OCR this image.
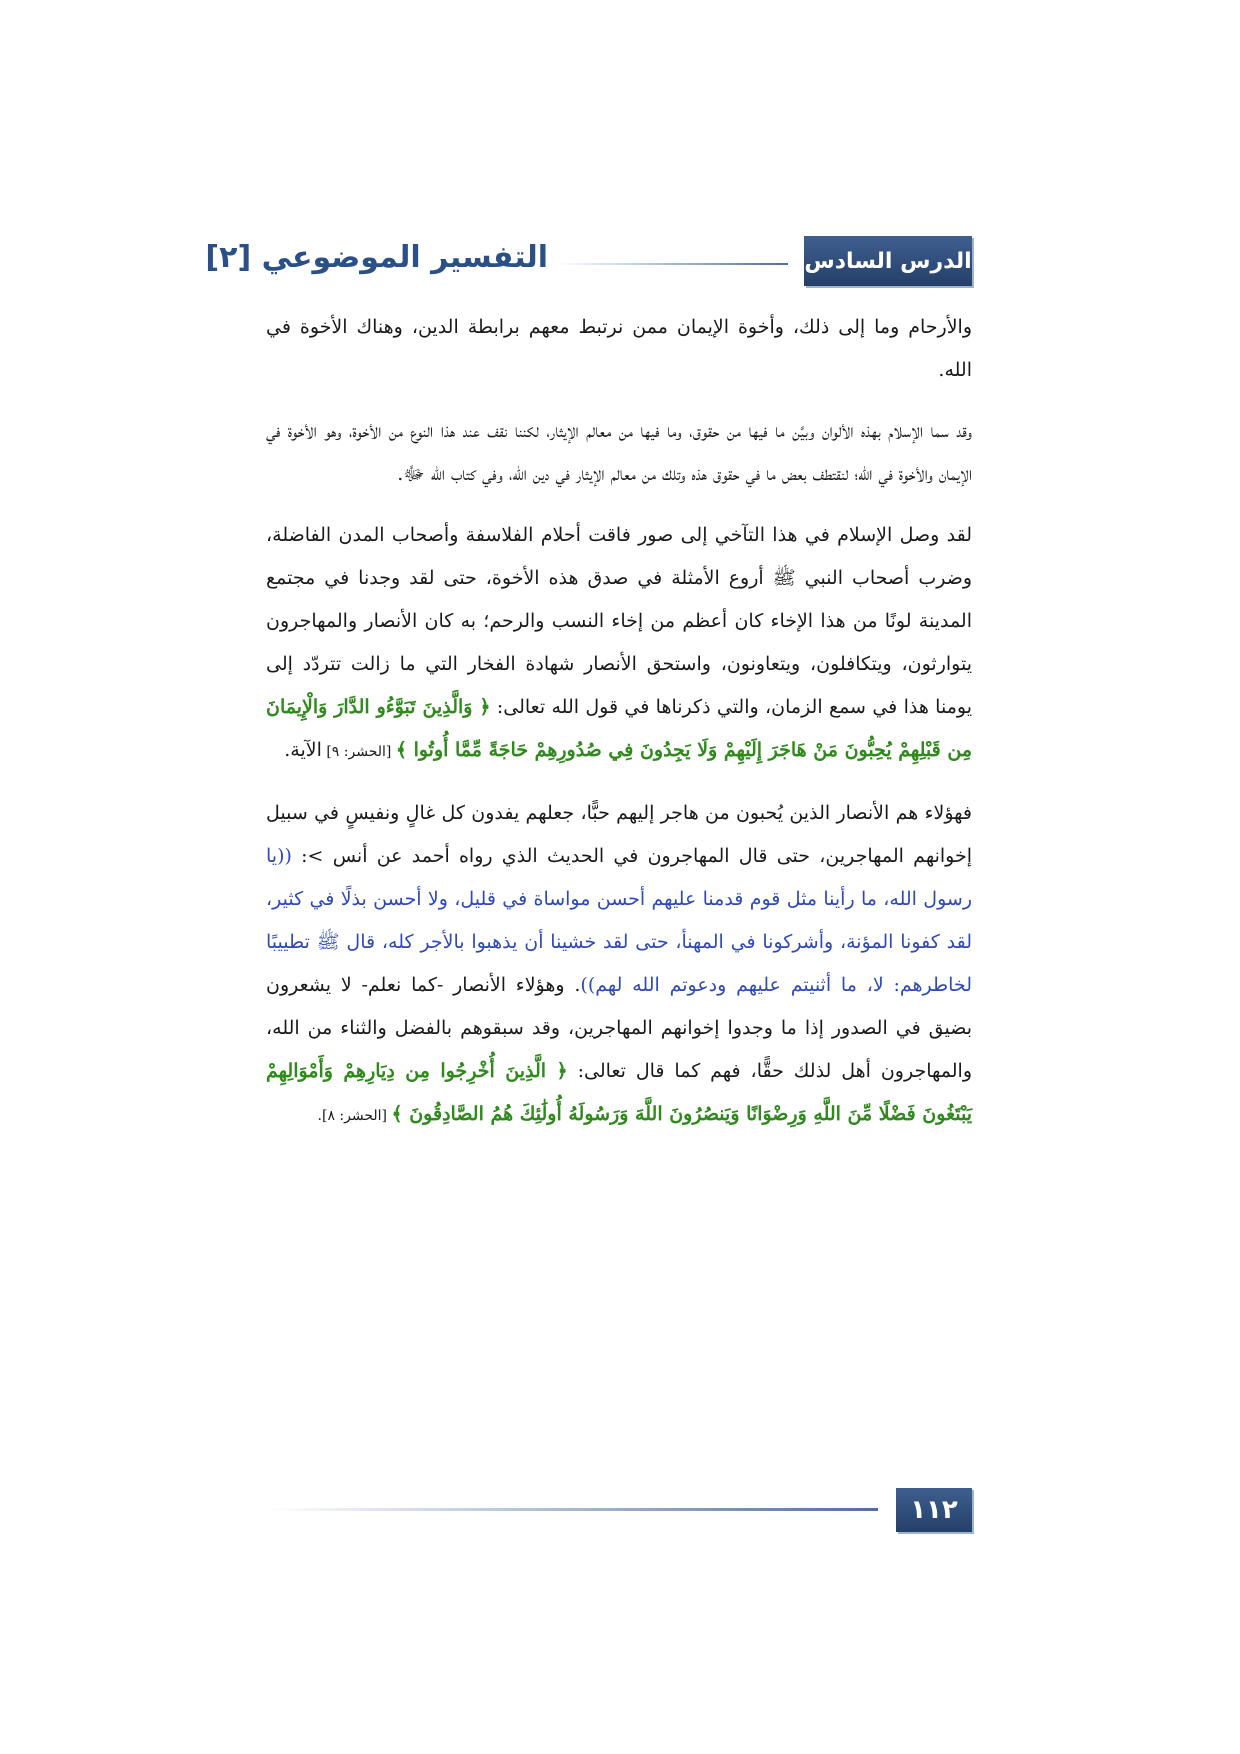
التفسير الموضوعي [٢]	الدرس السادس

والأرحام وما إلى ذلك، وأخوة الإيمان ممن نرتبط معهم برابطة الدين، وهناك الأخوة في الله.

وقد سما الإسلام بهذه الألوان وبيَّن ما فيها من حقوق، وما فيها من معالم الإيثار، لكننا نقف عند هذا النوع من الأخوة، وهو الأخوة في الإيمان والأخوة في الله؛ لنقتطف بعض ما في حقوق هذه وتلك من معالم الإيثار في دين الله، وفي كتاب الله ﷻ.

لقد وصل الإسلام في هذا التآخي إلى صور فاقت أحلام الفلاسفة وأصحاب المدن الفاضلة، وضرب أصحاب النبي ﷺ أروع الأمثلة في صدق هذه الأخوة، حتى لقد وجدنا في مجتمع المدينة لونًا من هذا الإخاء كان أعظم من إخاء النسب والرحم؛ به كان الأنصار والمهاجرون يتوارثون، ويتكافلون، ويتعاونون، واستحق الأنصار شهادة الفخار التي ما زالت تتردّد إلى يومنا هذا في سمع الزمان، والتي ذكرناها في قول الله تعالى: ﴿ وَالَّذِينَ تَبَوَّءُو الدَّارَ وَالْإِيمَانَ مِن قَبْلِهِمْ يُحِبُّونَ مَنْ هَاجَرَ إِلَيْهِمْ وَلَا يَجِدُونَ فِي صُدُورِهِمْ حَاجَةً مِّمَّا أُوتُوا ﴾ [الحشر: ٩] الآية.

فهؤلاء هم الأنصار الذين يُحبون من هاجر إليهم حبًّا، جعلهم يفدون كل غالٍ ونفيسٍ في سبيل إخوانهم المهاجرين، حتى قال المهاجرون في الحديث الذي رواه أحمد عن أنس >: ((يا رسول الله، ما رأينا مثل قوم قدمنا عليهم أحسن مواساة في قليل، ولا أحسن بذلًا في كثير، لقد كفونا المؤنة، وأشركونا في المهنأ، حتى لقد خشينا أن يذهبوا بالأجر كله، قال ﷺ تطييبًا لخاطرهم: لا، ما أثنيتم عليهم ودعوتم الله لهم)). وهؤلاء الأنصار -كما نعلم- لا يشعرون بضيق في الصدور إذا ما وجدوا إخوانهم المهاجرين، وقد سبقوهم بالفضل والثناء من الله، والمهاجرون أهل لذلك حقًّا، فهم كما قال تعالى: ﴿ الَّذِينَ أُخْرِجُوا مِن دِيَارِهِمْ وَأَمْوَالِهِمْ يَبْتَغُونَ فَضْلًا مِّنَ اللَّهِ وَرِضْوَانًا وَيَنصُرُونَ اللَّهَ وَرَسُولَهُ أُولَٰئِكَ هُمُ الصَّادِقُونَ ﴾ [الحشر: ٨].

١١٢
